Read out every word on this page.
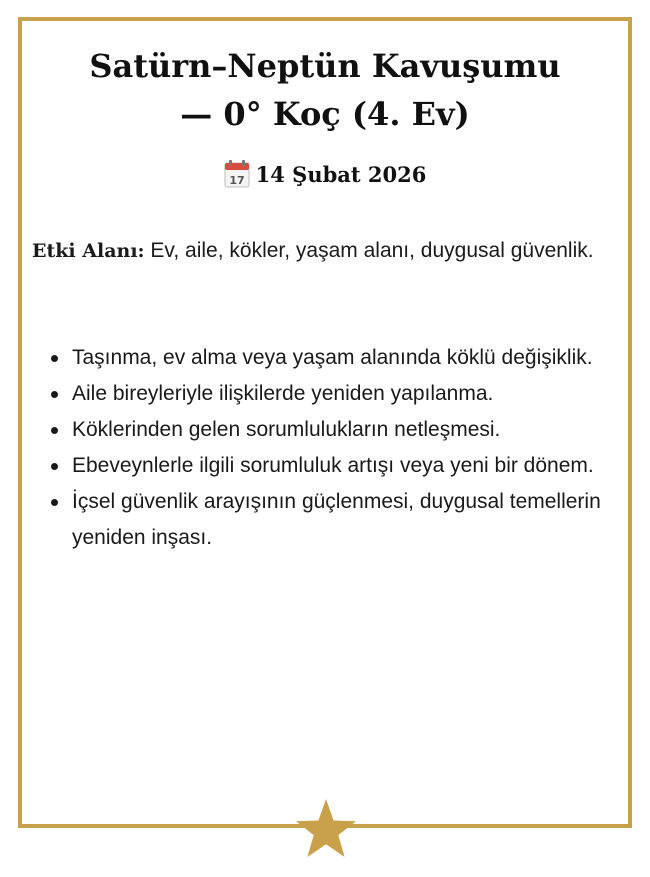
Satürn–Neptün Kavuşumu
— 0° Koç (4. Ev)
17 14 Şubat 2026

Etki Alanı: Ev, aile, kökler, yaşam alanı, duygusal güvenlik.

Taşınma, ev alma veya yaşam alanında köklü değişiklik.
Aile bireyleriyle ilişkilerde yeniden yapılanma.
Köklerinden gelen sorumlulukların netleşmesi.
Ebeveynlerle ilgili sorumluluk artışı veya yeni bir dönem.
İçsel güvenlik arayışının güçlenmesi, duygusal temellerin yeniden inşası.
